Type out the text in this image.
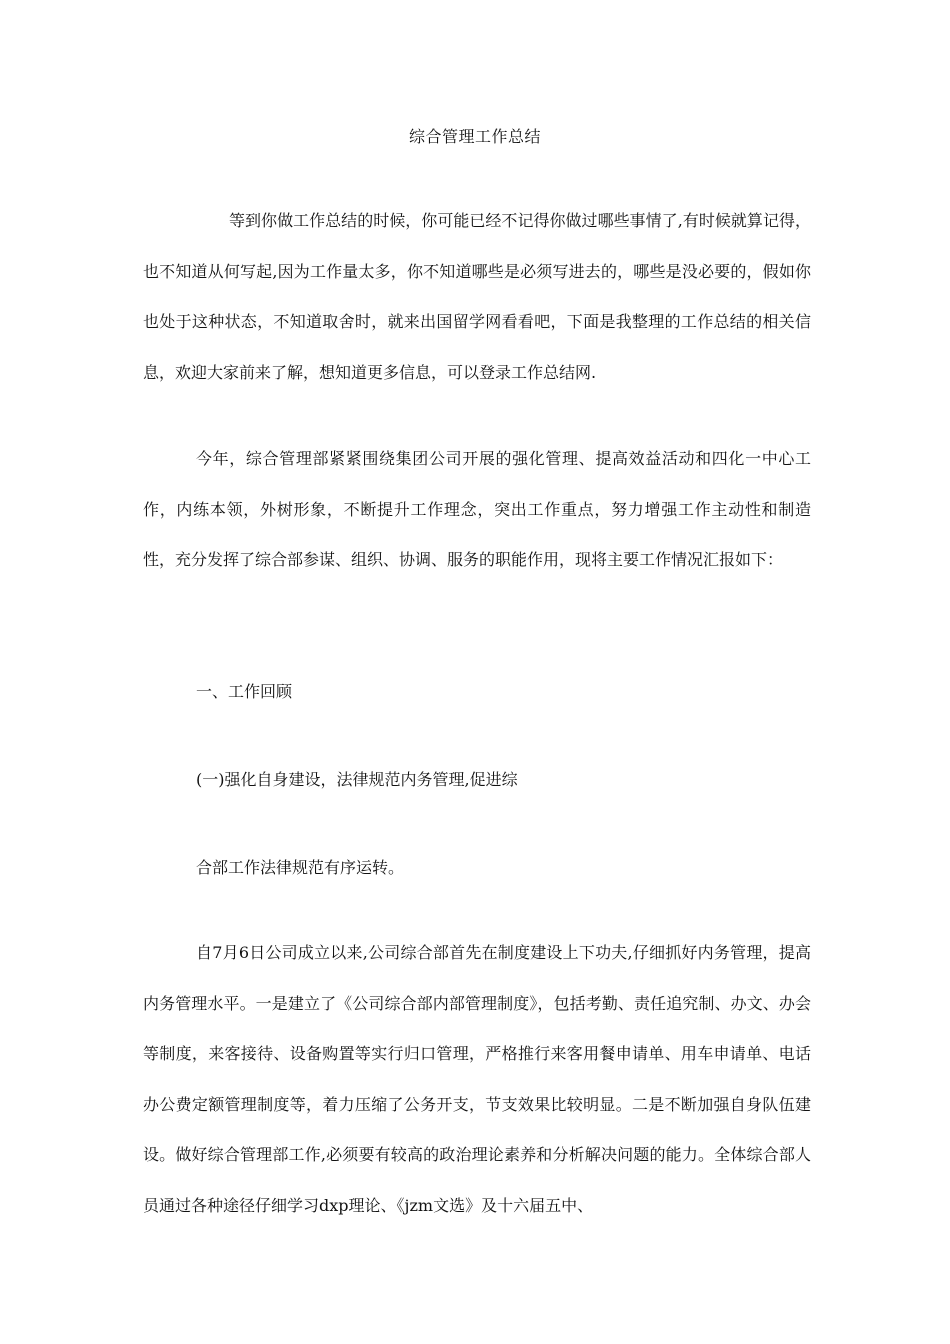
综合管理工作总结

等到你做工作总结的时候，你可能已经不记得你做过哪些事情了,有时候就算记得，也不知道从何写起,因为工作量太多，你不知道哪些是必须写进去的，哪些是没必要的，假如你也处于这种状态，不知道取舍时，就来出国留学网看看吧，下面是我整理的工作总结的相关信息，欢迎大家前来了解，想知道更多信息，可以登录工作总结网.

今年，综合管理部紧紧围绕集团公司开展的强化管理、提高效益活动和四化一中心工作，内练本领，外树形象，不断提升工作理念，突出工作重点，努力增强工作主动性和制造性，充分发挥了综合部参谋、组织、协调、服务的职能作用，现将主要工作情况汇报如下：

一、工作回顾
(一)强化自身建设，法律规范内务管理,促进综
合部工作法律规范有序运转。

自7月6日公司成立以来,公司综合部首先在制度建设上下功夫,仔细抓好内务管理，提高内务管理水平。一是建立了《公司综合部内部管理制度》，包括考勤、责任追究制、办文、办会等制度，来客接待、设备购置等实行归口管理，严格推行来客用餐申请单、用车申请单、电话办公费定额管理制度等，着力压缩了公务开支，节支效果比较明显。二是不断加强自身队伍建设。做好综合管理部工作,必须要有较高的政治理论素养和分析解决问题的能力。全体综合部人员通过各种途径仔细学习dxp理论、《jzm文选》及十六届五中、
